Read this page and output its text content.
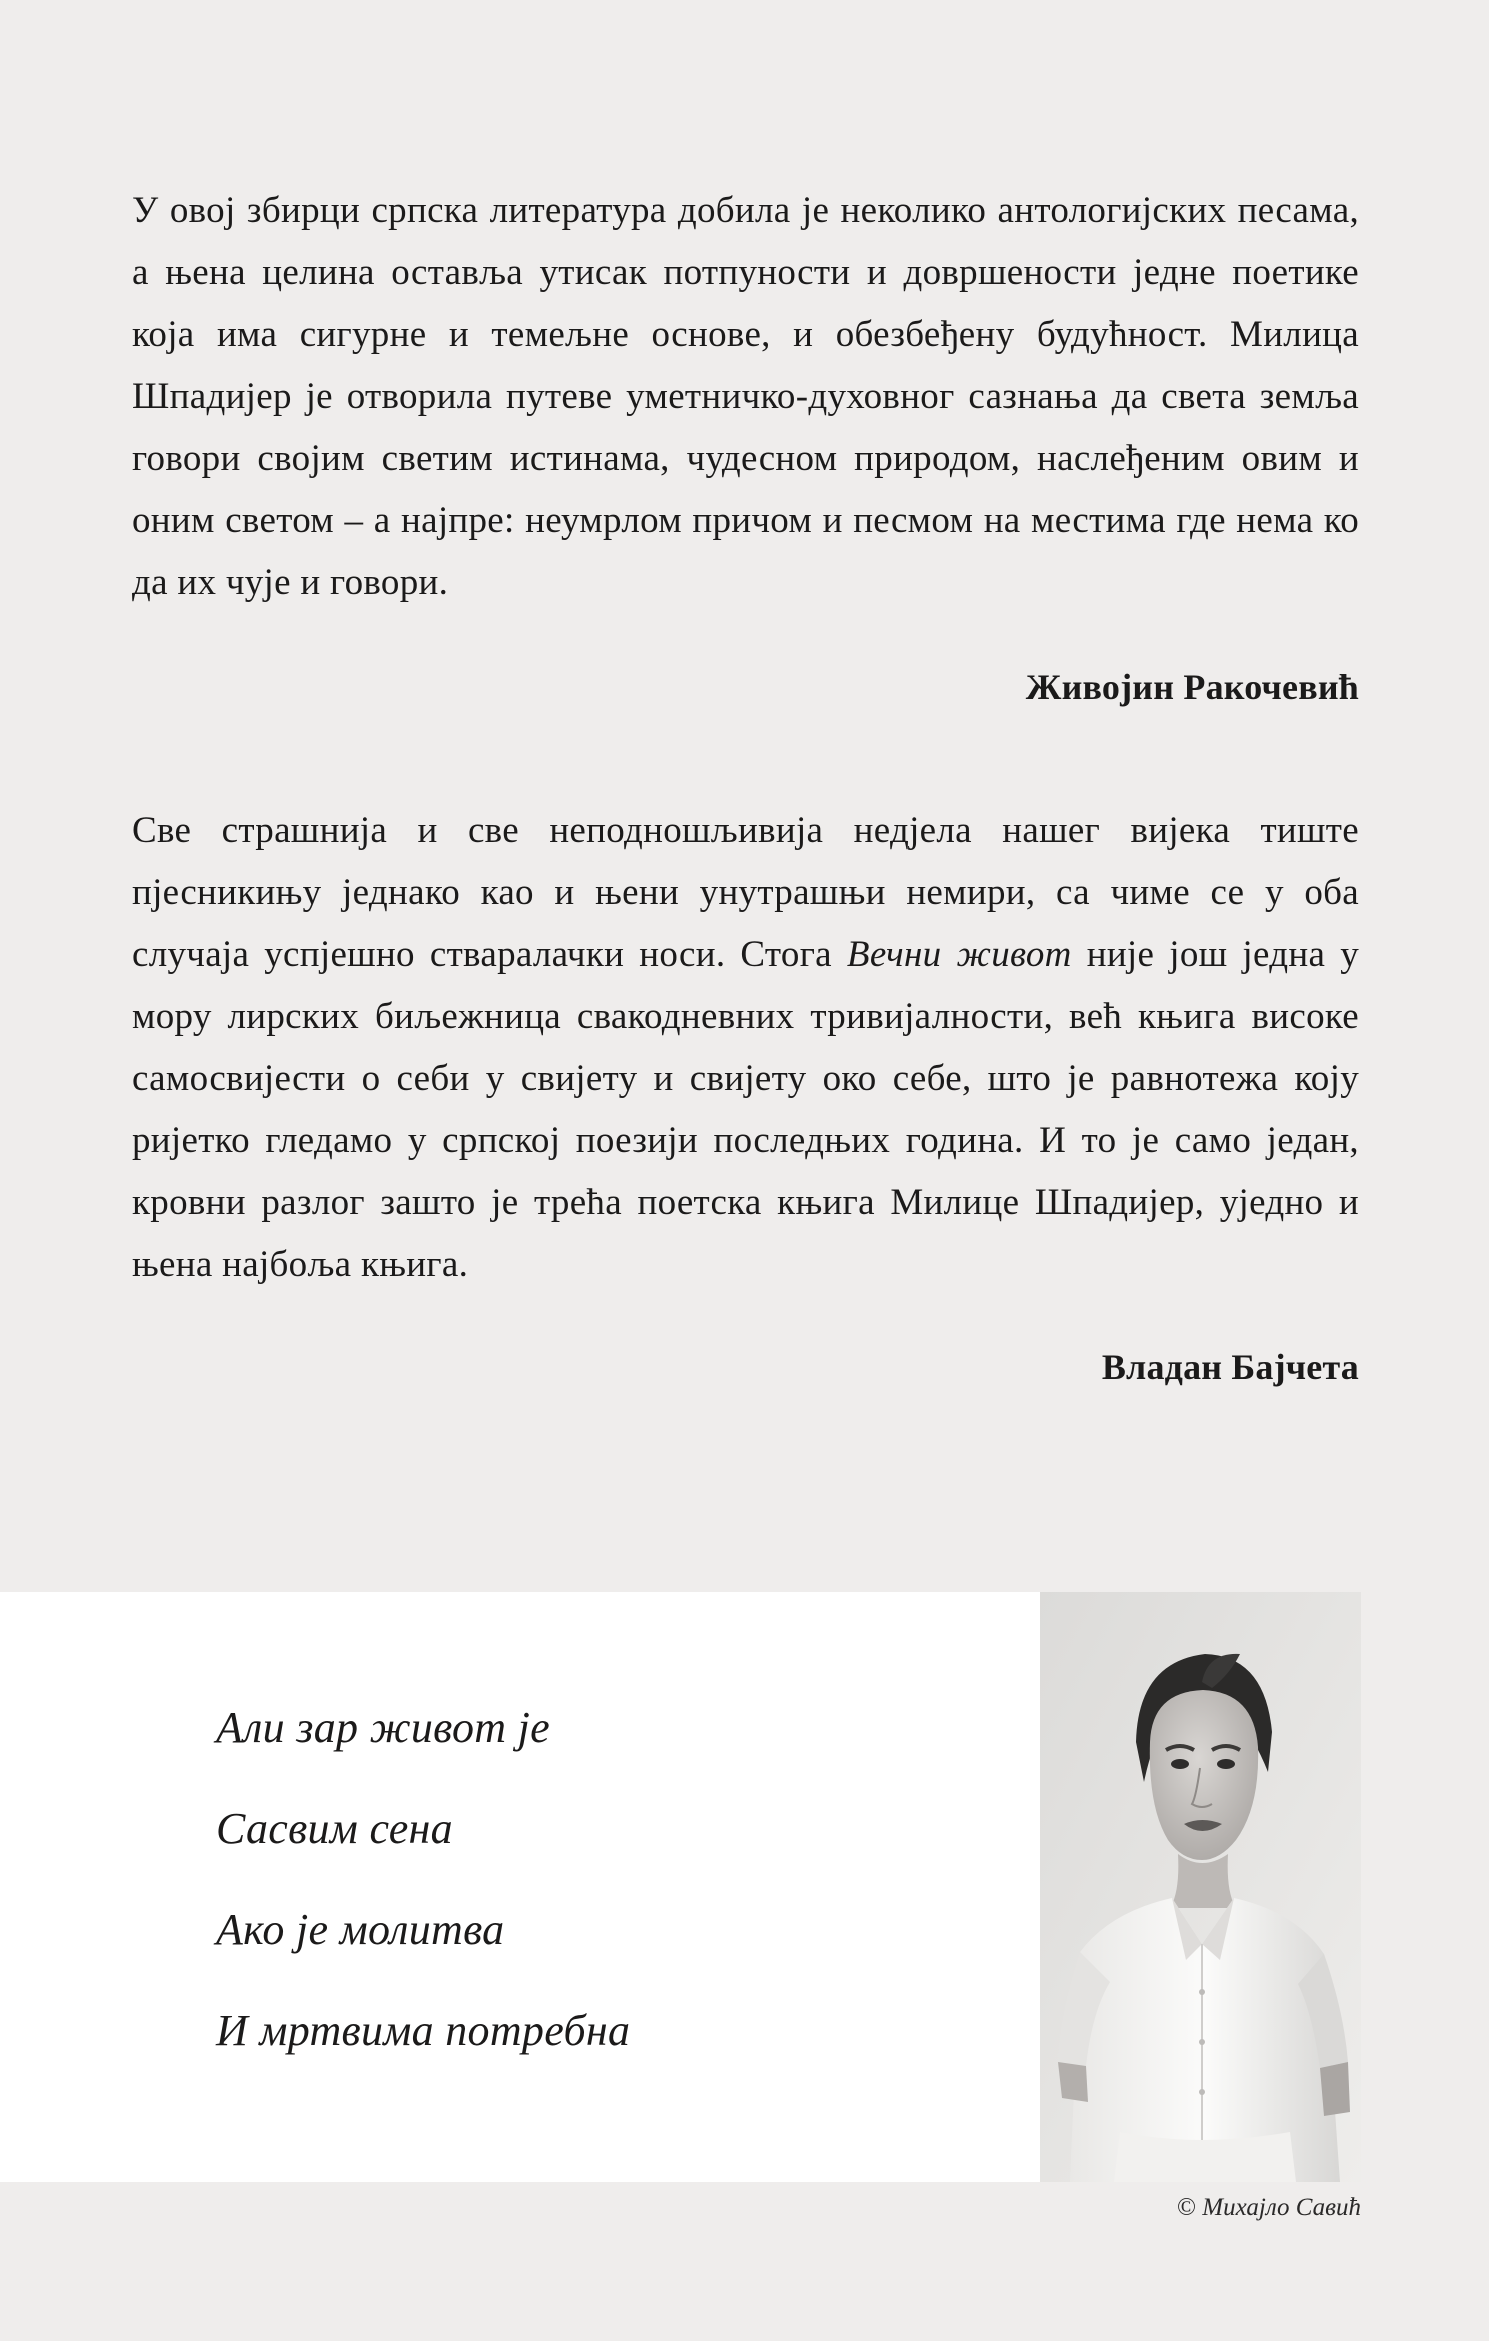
У овој збирци српска литература добила је неколико антологијских песама, а њена целина оставља утисак потпуности и довршености једне поетике која има сигурне и темељне основе, и обезбеђену будућност. Милица Шпадијер је отворила путеве уметничко-духовног сазнања да света земља говори својим светим истинама, чудесном природом, наслеђеним овим и оним светом – а најпре: неумрлом причом и песмом на местима где нема ко да их чује и говори.

Живојин Ракочевић

Све страшнија и све неподношљивија недјела нашег вијека тиште пјесникињу једнако као и њени унутрашњи немири, са чиме се у оба случаја успјешно стваралачки носи. Стога Вечни живот није још једна у мору лирских биљежница свакодневних тривијалности, већ књига високе самосвијести о себи у свијету и свијету око себе, што је равнотежа коју ријетко гледамо у српској поезији последњих година. И то је само један, кровни разлог зашто је трећа поетска књига Милице Шпадијер, уједно и њена најбоља књига.

Владан Бајчета
Али зар живот је
Сасвим сена
Ако је молитва
И мртвима потребна
© Михајло Савић
